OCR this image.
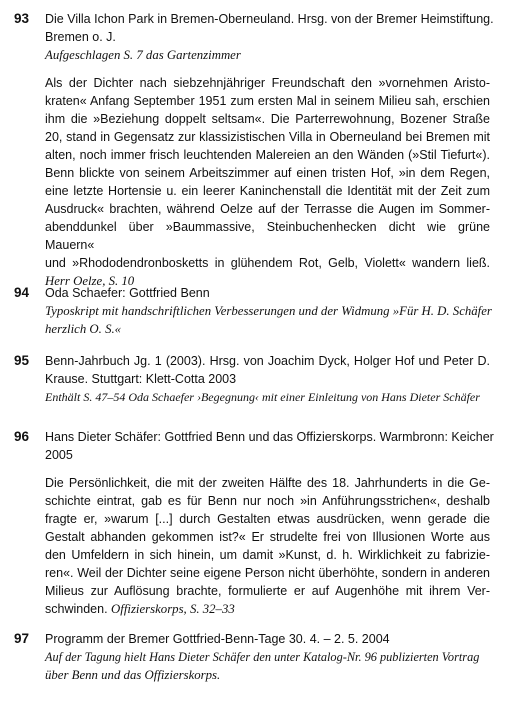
93	Die Villa Ichon Park in Bremen-Oberneuland. Hrsg. von der Bremer Heimstiftung.
Bremen o. J.
Aufgeschlagen S. 7 das Gartenzimmer
Als der Dichter nach siebzehnjähriger Freundschaft den »vornehmen Aristo-
kraten« Anfang September 1951 zum ersten Mal in seinem Milieu sah, erschien
ihm die »Beziehung doppelt seltsam«. Die Parterrewohnung, Bozener Straße
20, stand in Gegensatz zur klassizistischen Villa in Oberneuland bei Bremen mit
alten, noch immer frisch leuchtenden Malereien an den Wänden (»Stil Tiefurt«).
Benn blickte von seinem Arbeitszimmer auf einen tristen Hof, »in dem Regen,
eine letzte Hortensie u. ein leerer Kaninchenstall die Identität mit der Zeit zum
Ausdruck« brachten, während Oelze auf der Terrasse die Augen im Sommer-
abenddunkel über »Baummassive, Steinbuchenhecken dicht wie grüne Mauern«
und »Rhododendronbosketts in glühendem Rot, Gelb, Violett« wandern ließ.
Herr Oelze, S. 10
94	Oda Schaefer: Gottfried Benn
Typoskript mit handschriftlichen Verbesserungen und der Widmung »Für H. D. Schäfer
herzlich O. S.«
95	Benn-Jahrbuch Jg. 1 (2003). Hrsg. von Joachim Dyck, Holger Hof und Peter D.
Krause. Stuttgart: Klett-Cotta 2003
Enthält S. 47–54 Oda Schaefer ›Begegnung‹ mit einer Einleitung von Hans Dieter Schäfer
96	Hans Dieter Schäfer: Gottfried Benn und das Offizierskorps. Warmbronn: Keicher
2005
Die Persönlichkeit, die mit der zweiten Hälfte des 18. Jahrhunderts in die Ge-
schichte eintrat, gab es für Benn nur noch »in Anführungsstrichen«, deshalb
fragte er, »warum [...] durch Gestalten etwas ausdrücken, wenn gerade die
Gestalt abhanden gekommen ist?« Er strudelte frei von Illusionen Worte aus
den Umfeldern in sich hinein, um damit »Kunst, d. h. Wirklichkeit zu fabrizie-
ren«. Weil der Dichter seine eigene Person nicht überhöhte, sondern in anderen
Milieus zur Auflösung brachte, formulierte er auf Augenhöhe mit ihrem Ver-
schwinden. Offizierskorps, S. 32–33
97	Programm der Bremer Gottfried-Benn-Tage 30. 4. – 2. 5. 2004
Auf der Tagung hielt Hans Dieter Schäfer den unter Katalog-Nr. 96 publizierten Vortrag
über Benn und das Offizierskorps.
